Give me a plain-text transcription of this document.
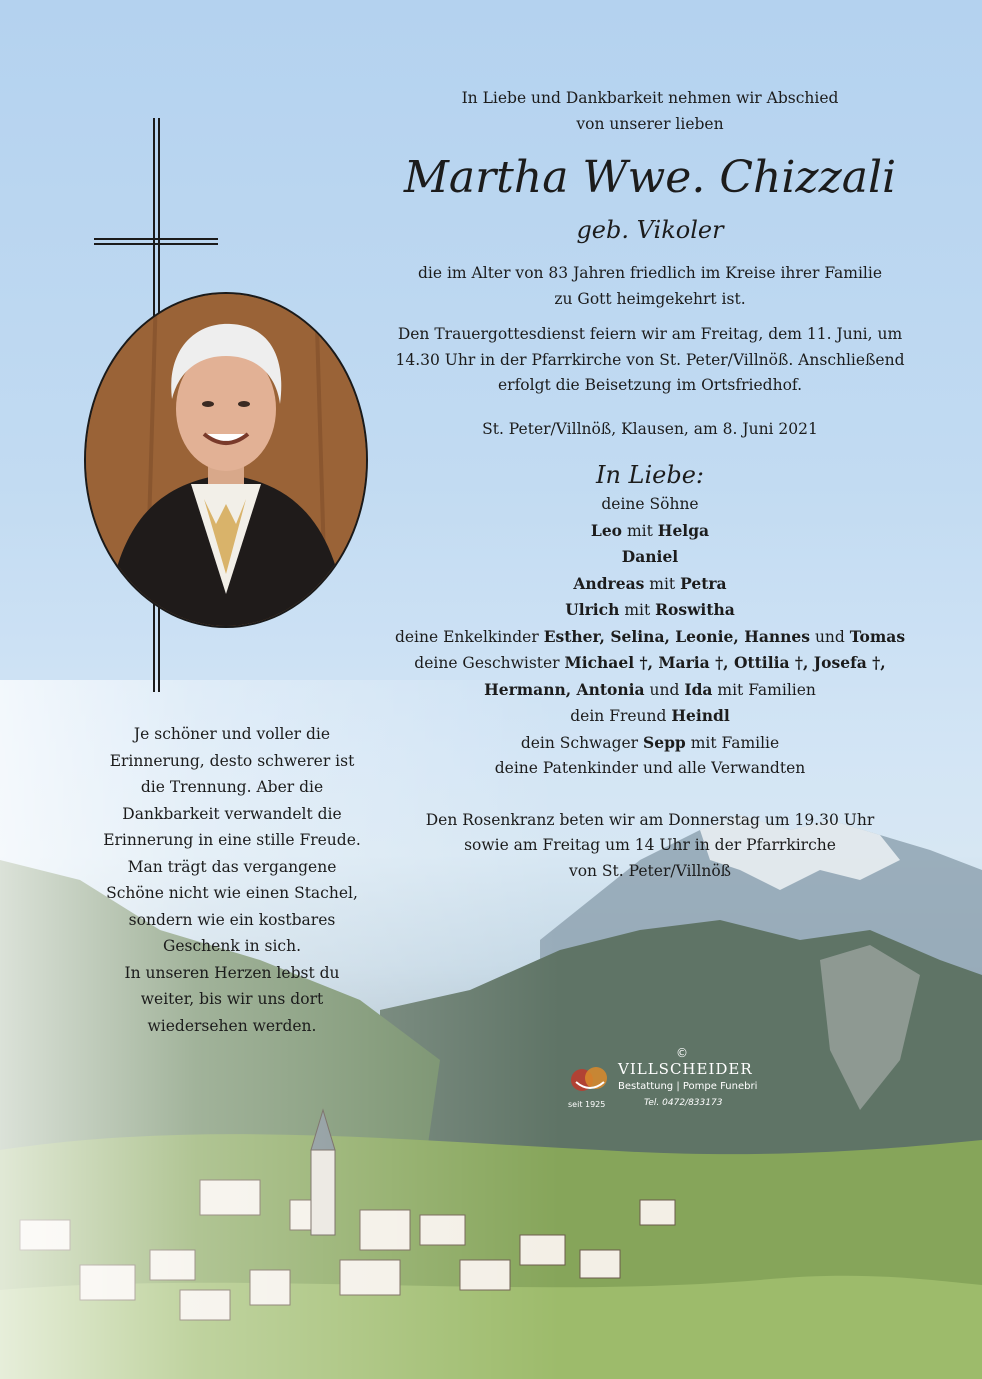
In Liebe und Dankbarkeit nehmen wir Abschied
von unserer lieben
Martha Wwe. Chizzali
geb. Vikoler
die im Alter von 83 Jahren friedlich im Kreise ihrer Familie
zu Gott heimgekehrt ist.
Den Trauergottesdienst feiern wir am Freitag, dem 11. Juni, um
14.30 Uhr in der Pfarrkirche von St. Peter/Villnöß. Anschließend
erfolgt die Beisetzung im Ortsfriedhof.
St. Peter/Villnöß, Klausen, am 8. Juni 2021
In Liebe:
deine Söhne
Leo mit Helga
Daniel
Andreas mit Petra
Ulrich mit Roswitha
deine Enkelkinder Esther, Selina, Leonie, Hannes und Tomas
deine Geschwister Michael †, Maria †, Ottilia †, Josefa †,
Hermann, Antonia und Ida mit Familien
dein Freund Heindl
dein Schwager Sepp mit Familie
deine Patenkinder und alle Verwandten
Den Rosenkranz beten wir am Donnerstag um 19.30 Uhr
sowie am Freitag um 14 Uhr in der Pfarrkirche
von St. Peter/Villnöß
Je schöner und voller die
Erinnerung, desto schwerer ist
die Trennung. Aber die
Dankbarkeit verwandelt die
Erinnerung in eine stille Freude.
Man trägt das vergangene
Schöne nicht wie einen Stachel,
sondern wie ein kostbares
Geschenk in sich.
In unseren Herzen lebst du
weiter, bis wir uns dort
wiedersehen werden.
©
VILLSCHEIDER
Bestattung | Pompe Funebri
seit 1925	Tel. 0472/833173
